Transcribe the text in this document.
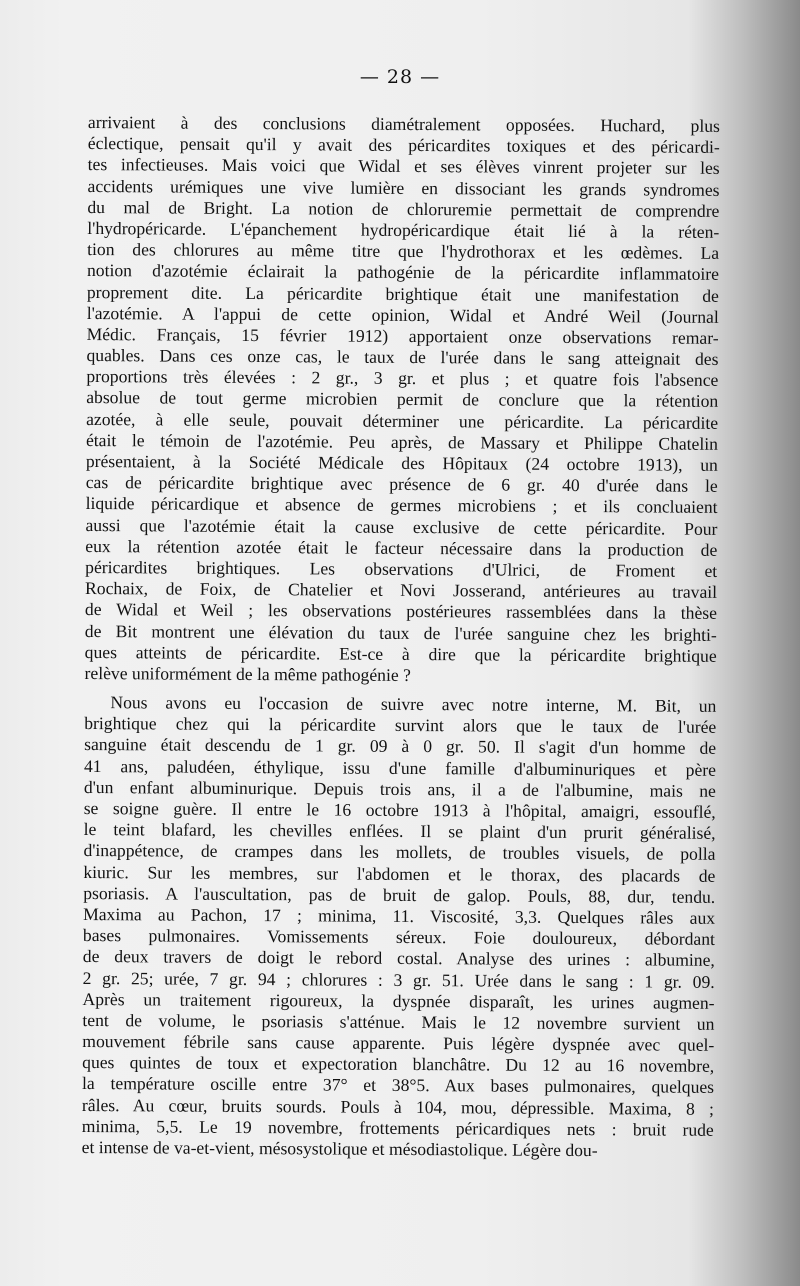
— 28 —
arrivaient à des conclusions diamétralement opposées. Huchard, plus
éclectique, pensait qu'il y avait des péricardites toxiques et des péricardi-
tes infectieuses. Mais voici que Widal et ses élèves vinrent projeter sur les
accidents urémiques une vive lumière en dissociant les grands syndromes
du mal de Bright. La notion de chloruremie permettait de comprendre
l'hydropéricarde. L'épanchement hydropéricardique était lié à la réten-
tion des chlorures au même titre que l'hydrothorax et les œdèmes. La
notion d'azotémie éclairait la pathogénie de la péricardite inflammatoire
proprement dite. La péricardite brightique était une manifestation de
l'azotémie. A l'appui de cette opinion, Widal et André Weil (Journal
Médic. Français, 15 février 1912) apportaient onze observations remar-
quables. Dans ces onze cas, le taux de l'urée dans le sang atteignait des
proportions très élevées : 2 gr., 3 gr. et plus ; et quatre fois l'absence
absolue de tout germe microbien permit de conclure que la rétention
azotée, à elle seule, pouvait déterminer une péricardite. La péricardite
était le témoin de l'azotémie. Peu après, de Massary et Philippe Chatelin
présentaient, à la Société Médicale des Hôpitaux (24 octobre 1913), un
cas de péricardite brightique avec présence de 6 gr. 40 d'urée dans le
liquide péricardique et absence de germes microbiens ; et ils concluaient
aussi que l'azotémie était la cause exclusive de cette péricardite. Pour
eux la rétention azotée était le facteur nécessaire dans la production de
péricardites brightiques. Les observations d'Ulrici, de Froment et
Rochaix, de Foix, de Chatelier et Novi Josserand, antérieures au travail
de Widal et Weil ; les observations postérieures rassemblées dans la thèse
de Bit montrent une élévation du taux de l'urée sanguine chez les brighti-
ques atteints de péricardite. Est-ce à dire que la péricardite brightique
relève uniformément de la même pathogénie ?
Nous avons eu l'occasion de suivre avec notre interne, M. Bit, un
brightique chez qui la péricardite survint alors que le taux de l'urée
sanguine était descendu de 1 gr. 09 à 0 gr. 50. Il s'agit d'un homme de
41 ans, paludéen, éthylique, issu d'une famille d'albuminuriques et père
d'un enfant albuminurique. Depuis trois ans, il a de l'albumine, mais ne
se soigne guère. Il entre le 16 octobre 1913 à l'hôpital, amaigri, essouflé,
le teint blafard, les chevilles enflées. Il se plaint d'un prurit généralisé,
d'inappétence, de crampes dans les mollets, de troubles visuels, de polla
kiuric. Sur les membres, sur l'abdomen et le thorax, des placards de
psoriasis. A l'auscultation, pas de bruit de galop. Pouls, 88, dur, tendu.
Maxima au Pachon, 17 ; minima, 11. Viscosité, 3,3. Quelques râles aux
bases pulmonaires. Vomissements séreux. Foie douloureux, débordant
de deux travers de doigt le rebord costal. Analyse des urines : albumine,
2 gr. 25; urée, 7 gr. 94 ; chlorures : 3 gr. 51. Urée dans le sang : 1 gr. 09.
Après un traitement rigoureux, la dyspnée disparaît, les urines augmen-
tent de volume, le psoriasis s'atténue. Mais le 12 novembre survient un
mouvement fébrile sans cause apparente. Puis légère dyspnée avec quel-
ques quintes de toux et expectoration blanchâtre. Du 12 au 16 novembre,
la température oscille entre 37° et 38°5. Aux bases pulmonaires, quelques
râles. Au cœur, bruits sourds. Pouls à 104, mou, dépressible. Maxima, 8 ;
minima, 5,5. Le 19 novembre, frottements péricardiques nets : bruit rude
et intense de va-et-vient, mésosystolique et mésodiastolique. Légère dou-
